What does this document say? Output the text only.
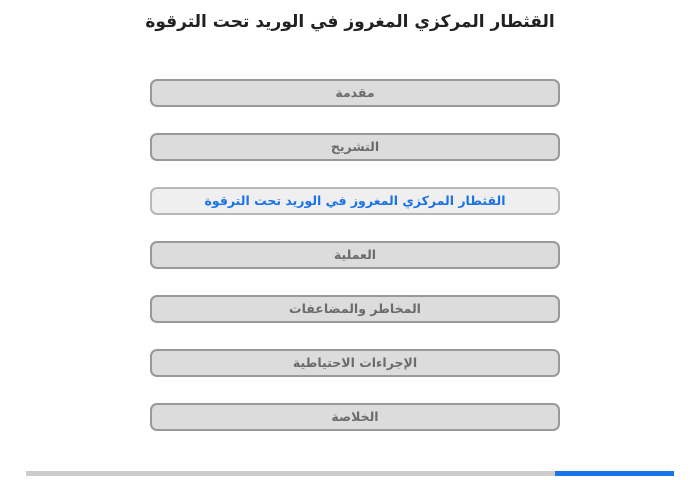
القثطار المركزي المغروز في الوريد تحت الترقوة
مقدمة
التشريح
القثطار المركزي المغروز في الوريد تحت الترقوة
العملية
المخاطر والمضاعفات
الإجراءات الاحتياطية
الخلاصة
